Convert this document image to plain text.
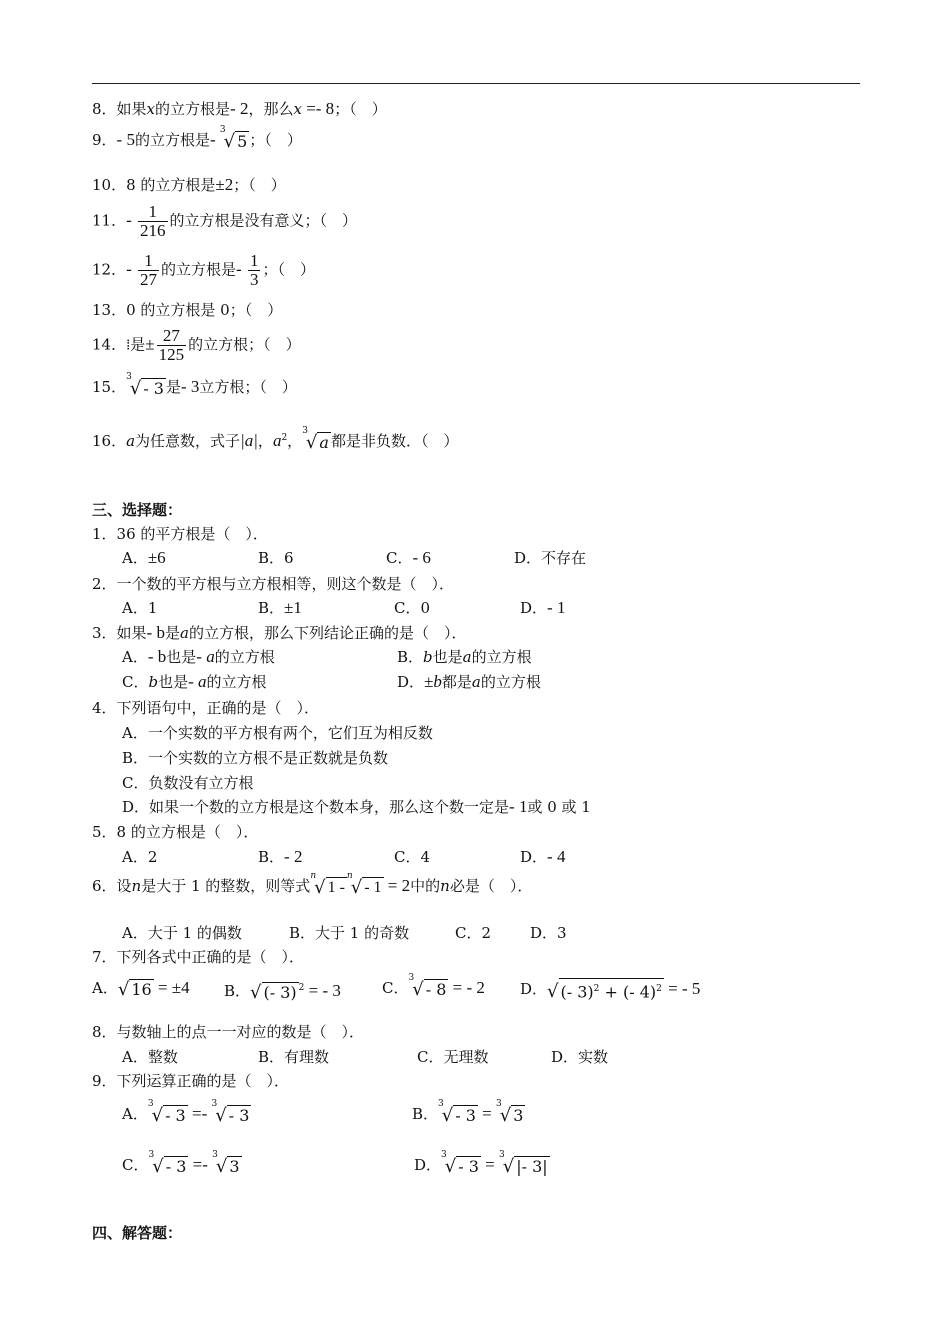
8．如果x的立方根是- 2，那么x =- 8；（　）
9．- 5的立方根是-
3
√ 5 ；（　）
10．8 的立方根是±2；（　）
11．- $\frac{1}{216}$ 的立方根是没有意义；（　）
12．- $\frac{1}{27}$ 的立方根是- $\frac{1}{3}$ ；（　）
13．0 的立方根是 0；（　）
14．⁞是± $\frac{27}{125}$ 的立方根；（　）
15．
3
√ - 3 是- 3立方根；（　）
16．a为任意数，式子|a|，$a^2$，
3
√ a 都是非负数．（　）
三、选择题：
1．36 的平方根是（　）．
A．±6	B．6	C．- 6	D．不存在
2．一个数的平方根与立方根相等，则这个数是（　）．
A．1	B．±1	C．0	D．- 1
3．如果- b是a的立方根，那么下列结论正确的是（　）．
A．- b也是- a的立方根	B．b也是a的立方根
C．b也是- a的立方根	D．±b都是a的立方根
4．下列语句中，正确的是（　）．
A．一个实数的平方根有两个，它们互为相反数
B．一个实数的立方根不是正数就是负数
C．负数没有立方根
D．如果一个数的立方根是这个数本身，那么这个数一定是- 1或 0 或 1
5．8 的立方根是（　）．
A．2	B．- 2	C．4	D．- 4
6．设n是大于 1 的整数，则等式
n
√ 1 -
n
√ - 1 = 2中的n必是（　）．
A．大于 1 的偶数	B．大于 1 的奇数	C．2	D．3
7．下列各式中正确的是（　）．
A． √ 16 = ±4 B． √ (- 3) $^2$ = - 3	C．
3
√ - 8 = - 2 D． √ (- 3)$^2$ + (- 4)$^2$ = - 5
8．与数轴上的点一一对应的数是（　）．
A．整数	B．有理数	C．无理数	D．实数
9．下列运算正确的是（　）．
A．
3
√ - 3 =-
3
√ - 3	B．
3
√ - 3 =
3
√ 3
C．
3
√ - 3 =-
3
√ 3	D．
3
√ - 3 =
3
√ |- 3|
四、解答题：
